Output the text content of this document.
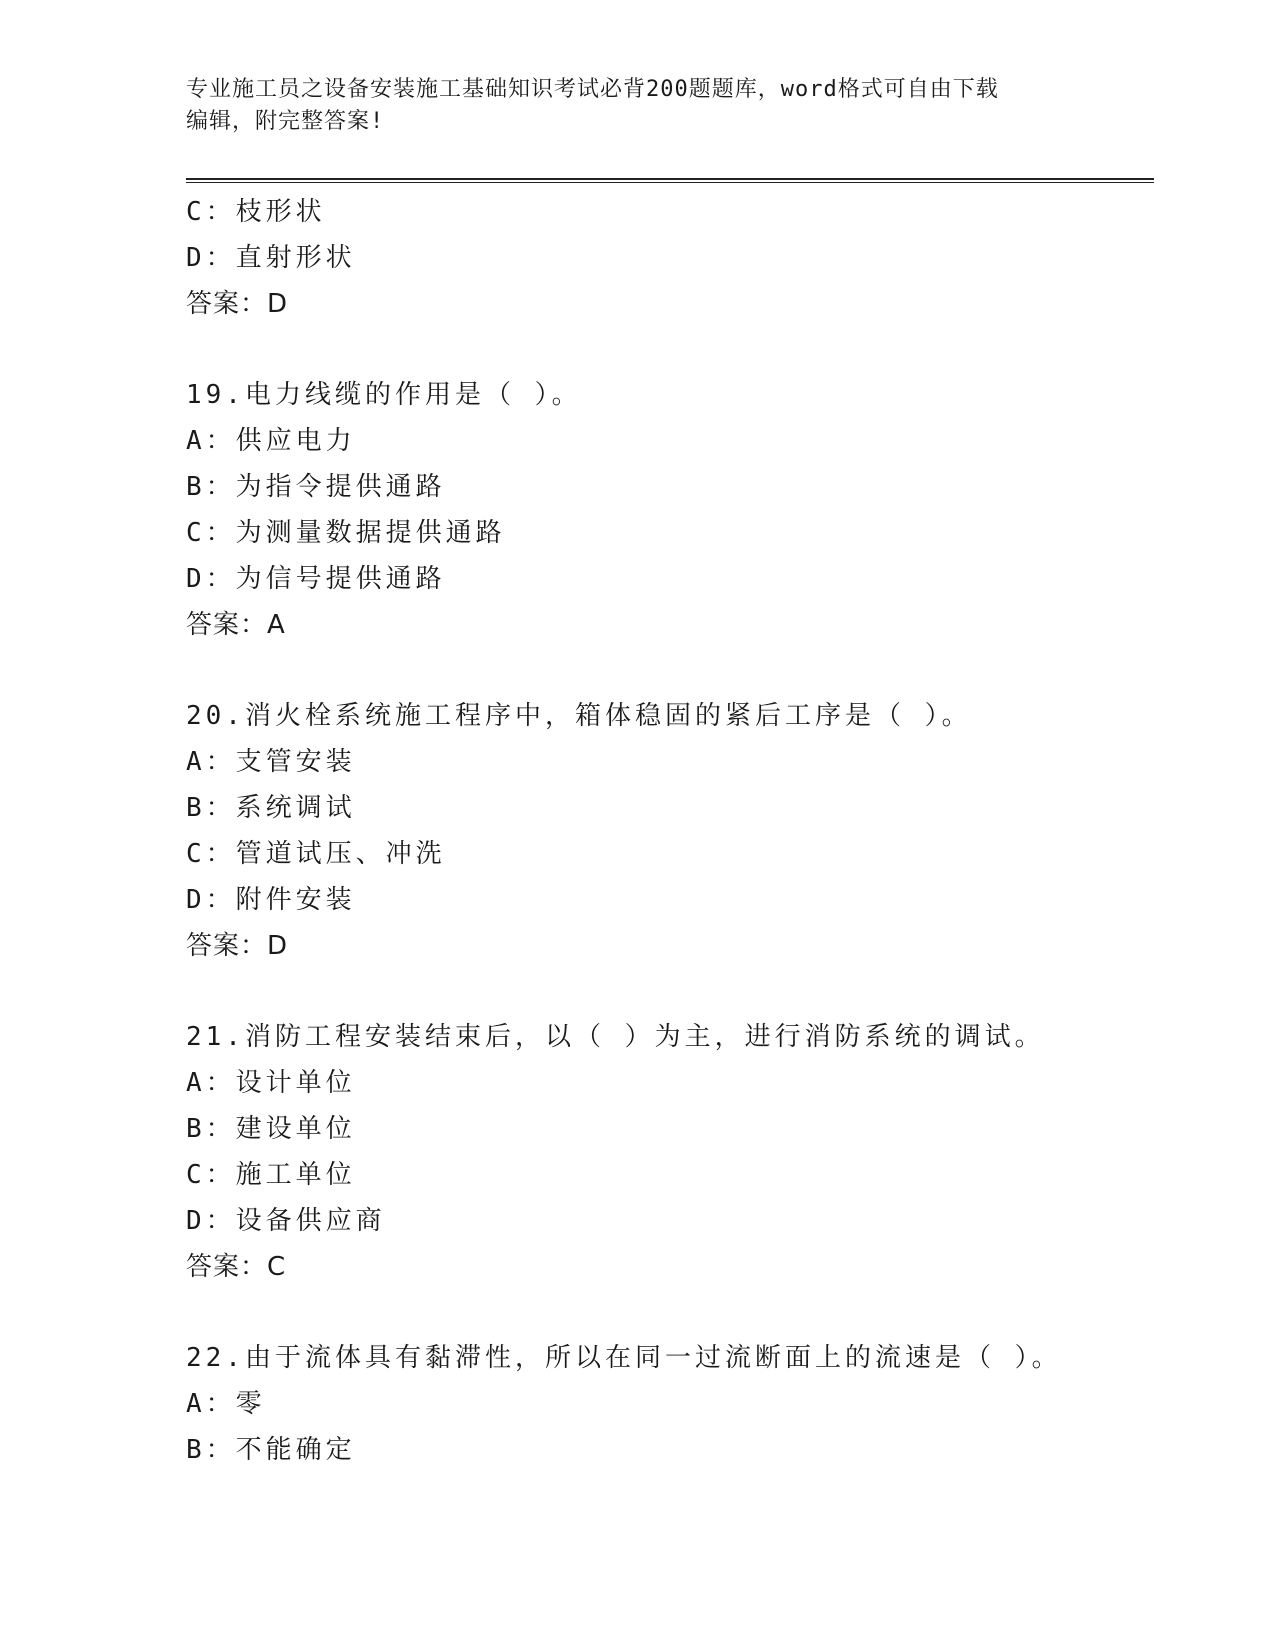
专业施工员之设备安装施工基础知识考试必背200题题库，word格式可自由下载
编辑，附完整答案!
C：枝形状
D：直射形状
答案：D
19.电力线缆的作用是（ ）。
A：供应电力
B：为指令提供通路
C：为测量数据提供通路
D：为信号提供通路
答案：A
20.消火栓系统施工程序中，箱体稳固的紧后工序是（ ）。
A：支管安装
B：系统调试
C：管道试压、冲洗
D：附件安装
答案：D
21.消防工程安装结束后，以（ ）为主，进行消防系统的调试。
A：设计单位
B：建设单位
C：施工单位
D：设备供应商
答案：C
22.由于流体具有黏滞性，所以在同一过流断面上的流速是（ ）。
A：零
B：不能确定
